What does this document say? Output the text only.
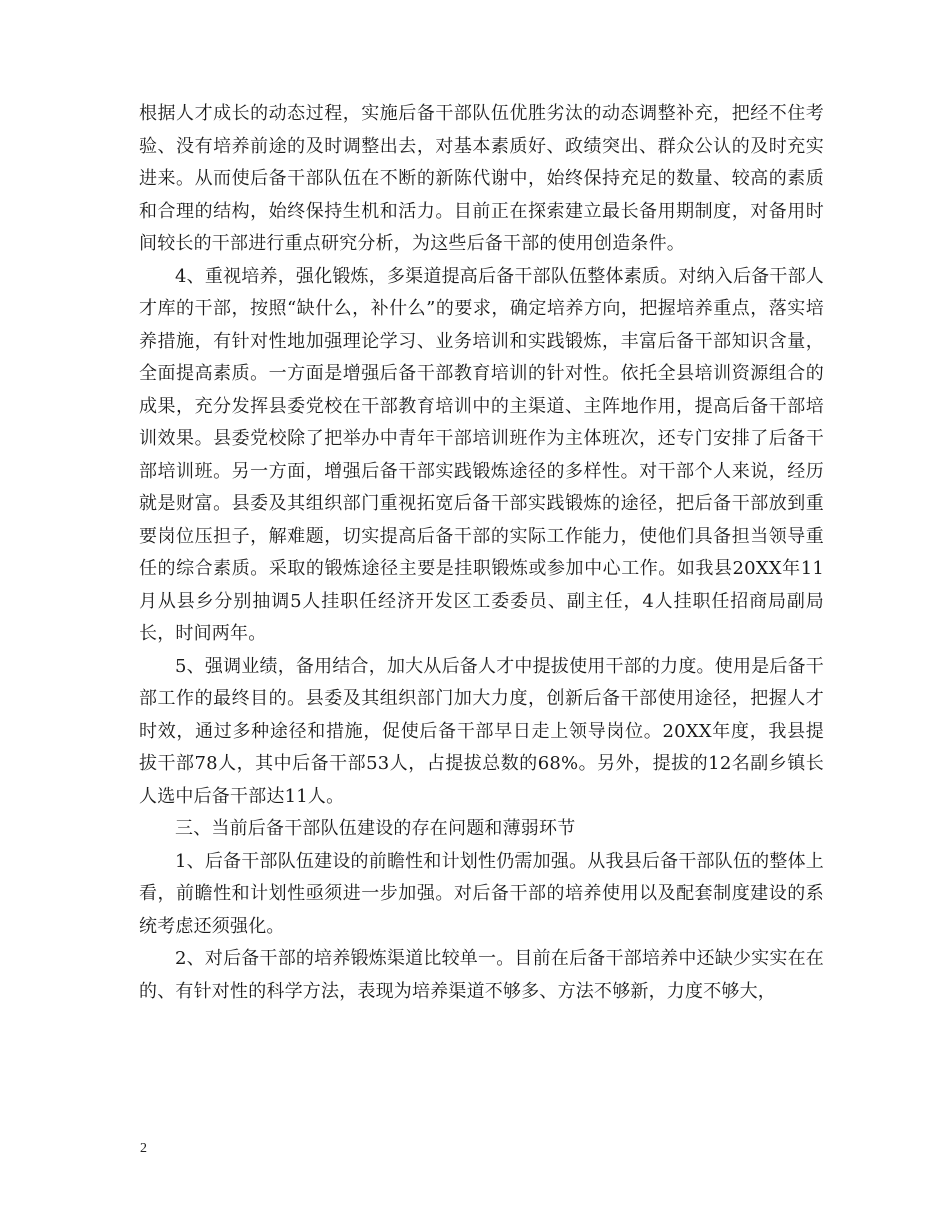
根据人才成长的动态过程，实施后备干部队伍优胜劣汰的动态调整补充，把经不住考验、没有培养前途的及时调整出去，对基本素质好、政绩突出、群众公认的及时充实进来。从而使后备干部队伍在不断的新陈代谢中，始终保持充足的数量、较高的素质和合理的结构，始终保持生机和活力。目前正在探索建立最长备用期制度，对备用时间较长的干部进行重点研究分析，为这些后备干部的使用创造条件。

4、重视培养，强化锻炼，多渠道提高后备干部队伍整体素质。对纳入后备干部人才库的干部，按照“缺什么，补什么”的要求，确定培养方向，把握培养重点，落实培养措施，有针对性地加强理论学习、业务培训和实践锻炼，丰富后备干部知识含量，全面提高素质。一方面是增强后备干部教育培训的针对性。依托全县培训资源组合的成果，充分发挥县委党校在干部教育培训中的主渠道、主阵地作用，提高后备干部培训效果。县委党校除了把举办中青年干部培训班作为主体班次，还专门安排了后备干部培训班。另一方面，增强后备干部实践锻炼途径的多样性。对干部个人来说，经历就是财富。县委及其组织部门重视拓宽后备干部实践锻炼的途径，把后备干部放到重要岗位压担子，解难题，切实提高后备干部的实际工作能力，使他们具备担当领导重任的综合素质。采取的锻炼途径主要是挂职锻炼或参加中心工作。如我县20XX年11月从县乡分别抽调5人挂职任经济开发区工委委员、副主任，4人挂职任招商局副局长，时间两年。

5、强调业绩，备用结合，加大从后备人才中提拔使用干部的力度。使用是后备干部工作的最终目的。县委及其组织部门加大力度，创新后备干部使用途径，把握人才时效，通过多种途径和措施，促使后备干部早日走上领导岗位。20XX年度，我县提拔干部78人，其中后备干部53人，占提拔总数的68%。另外，提拔的12名副乡镇长人选中后备干部达11人。

三、当前后备干部队伍建设的存在问题和薄弱环节

1、后备干部队伍建设的前瞻性和计划性仍需加强。从我县后备干部队伍的整体上看，前瞻性和计划性亟须进一步加强。对后备干部的培养使用以及配套制度建设的系统考虑还须强化。

2、对后备干部的培养锻炼渠道比较单一。目前在后备干部培养中还缺少实实在在的、有针对性的科学方法，表现为培养渠道不够多、方法不够新，力度不够大，

2
